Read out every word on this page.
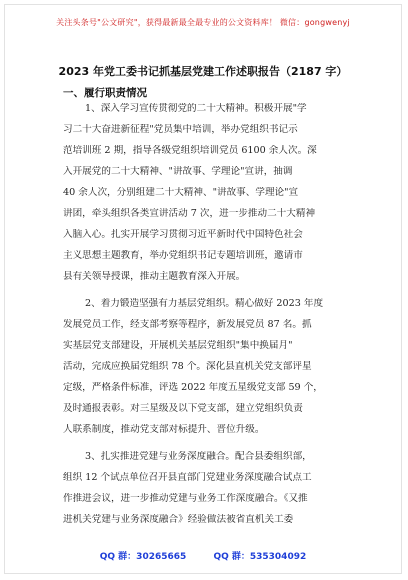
关注头条号"公文研究"，获得最新最全最专业的公文资料库！ 微信：gongwenyj
2023 年党工委书记抓基层党建工作述职报告（2187 字）
一、履行职责情况
1、深入学习宣传贯彻党的二十大精神。积极开展"学
习二十大奋进新征程"党员集中培训，举办党组织书记示
范培训班 2 期，指导各级党组织培训党员 6100 余人次。深
入开展党的二十大精神、"讲故事、学理论"宣讲，抽调
40 余人次，分别组建二十大精神、"讲故事、学理论"宣
讲团，牵头组织各类宣讲活动 7 次，进一步推动二十大精神
入脑入心。扎实开展学习贯彻习近平新时代中国特色社会
主义思想主题教育，举办党组织书记专题培训班，邀请市
县有关领导授课，推动主题教育深入开展。
2、着力锻造坚强有力基层党组织。精心做好 2023 年度
发展党员工作，经支部考察等程序，新发展党员 87 名。抓
实基层党支部建设，开展机关基层党组织"集中换届月"
活动，完成应换届党组织 78 个。深化县直机关党支部评星
定级，严格条件标准，评选 2022 年度五星级党支部 59 个，
及时通报表彰。对三星级及以下党支部，建立党组织负责
人联系制度，推动党支部对标提升、晋位升级。
3、扎实推进党建与业务深度融合。配合县委组织部，
组织 12 个试点单位召开县直部门党建业务深度融合试点工
作推进会议，进一步推动党建与业务工作深度融合。《又推
进机关党建与业务深度融合》经验做法被省直机关工委
QQ 群：30265665	QQ 群：535304092
